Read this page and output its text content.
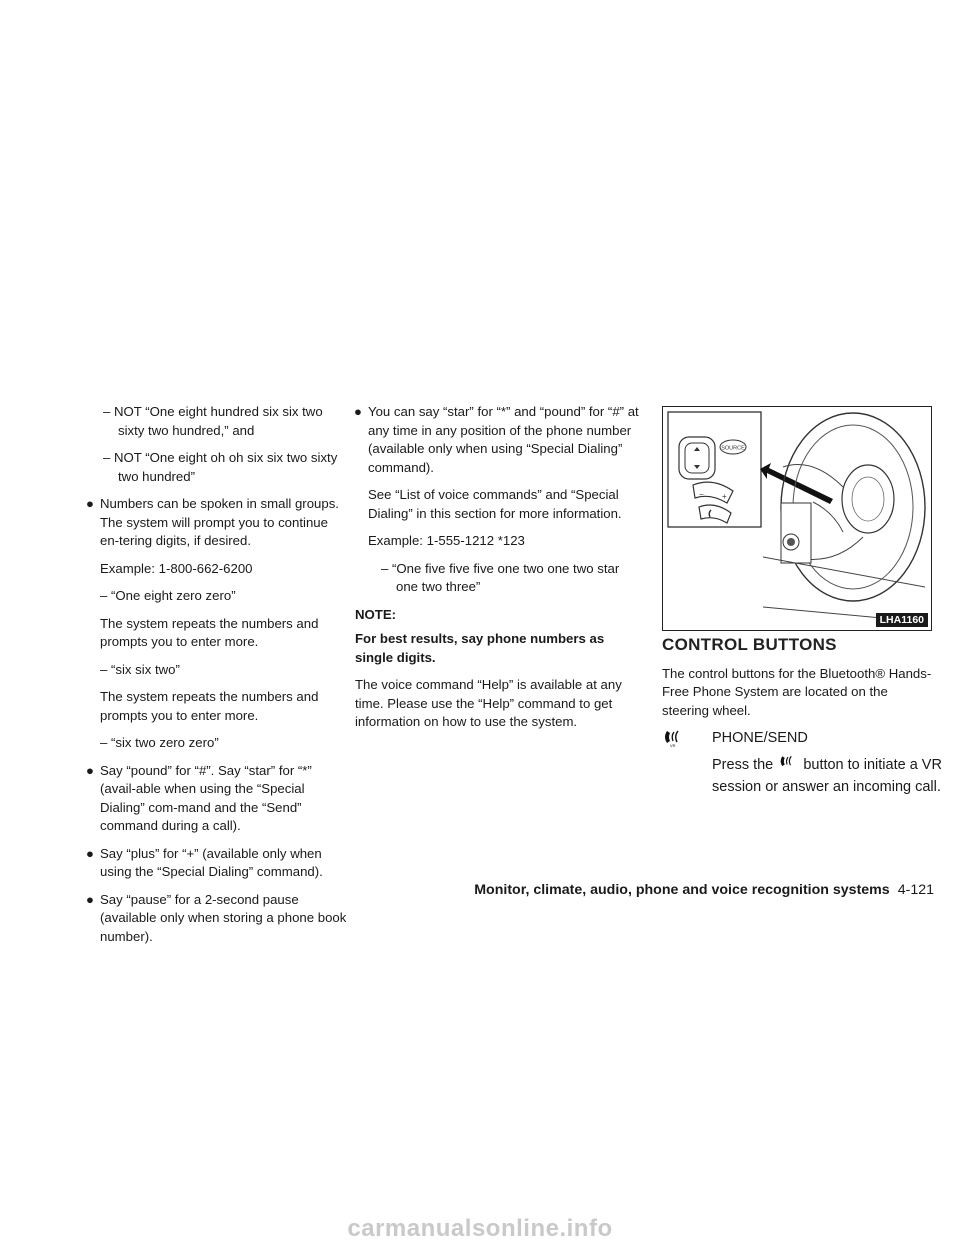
– NOT “One eight hundred six six two sixty two hundred,” and

– NOT “One eight oh oh six six two sixty two hundred”

● Numbers can be spoken in small groups. The system will prompt you to continue en-tering digits, if desired.

Example: 1-800-662-6200

– “One eight zero zero”

The system repeats the numbers and prompts you to enter more.

– “six six two”

The system repeats the numbers and prompts you to enter more.

– “six two zero zero”

● Say “pound” for “#”. Say “star” for “*” (avail-able when using the “Special Dialing” com-mand and the “Send” command during a call).

● Say “plus” for “+” (available only when using the “Special Dialing” command).

● Say “pause” for a 2-second pause (available only when storing a phone book number).

● You can say “star” for “*” and “pound” for “#” at any time in any position of the phone number (available only when using “Special Dialing” command).

See “List of voice commands” and “Special Dialing” in this section for more information.

Example: 1-555-1212 *123

– “One five five five one two one two star one two three”

NOTE:

For best results, say phone numbers as single digits.

The voice command “Help” is available at any time. Please use the “Help” command to get information on how to use the system.

SOURCE
− +
LHA1160
CONTROL BUTTONS

The control buttons for the Bluetooth® Hands-Free Phone System are located on the steering wheel.

VR	PHONE/SEND
Press the button to initiate a VR session or answer an incoming call.
Monitor, climate, audio, phone and voice recognition systems 4-121
carmanualsonline.info
